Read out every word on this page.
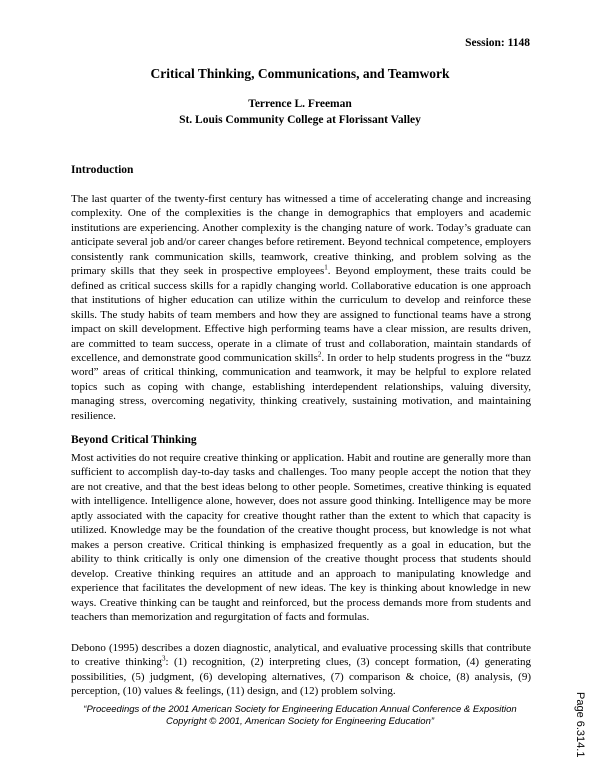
Session: 1148
Critical Thinking, Communications, and Teamwork
Terrence L. Freeman
St. Louis Community College at Florissant Valley
Introduction
The last quarter of the twenty-first century has witnessed a time of accelerating change and increasing complexity. One of the complexities is the change in demographics that employers and academic institutions are experiencing. Another complexity is the changing nature of work. Today’s graduate can anticipate several job and/or career changes before retirement. Beyond technical competence, employers consistently rank communication skills, teamwork, creative thinking, and problem solving as the primary skills that they seek in prospective employees$^1$. Beyond employment, these traits could be defined as critical success skills for a rapidly changing world. Collaborative education is one approach that institutions of higher education can utilize within the curriculum to develop and reinforce these skills. The study habits of team members and how they are assigned to functional teams have a strong impact on skill development. Effective high performing teams have a clear mission, are results driven, are committed to team success, operate in a climate of trust and collaboration, maintain standards of excellence, and demonstrate good communication skills$^2$. In order to help students progress in the “buzz word” areas of critical thinking, communication and teamwork, it may be helpful to explore related topics such as coping with change, establishing interdependent relationships, valuing diversity, managing stress, overcoming negativity, thinking creatively, sustaining motivation, and maintaining resilience.
Beyond Critical Thinking
Most activities do not require creative thinking or application. Habit and routine are generally more than sufficient to accomplish day-to-day tasks and challenges. Too many people accept the notion that they are not creative, and that the best ideas belong to other people. Sometimes, creative thinking is equated with intelligence. Intelligence alone, however, does not assure good thinking. Intelligence may be more aptly associated with the capacity for creative thought rather than the extent to which that capacity is utilized. Knowledge may be the foundation of the creative thought process, but knowledge is not what makes a person creative. Critical thinking is emphasized frequently as a goal in education, but the ability to think critically is only one dimension of the creative thought process that students should develop. Creative thinking requires an attitude and an approach to manipulating knowledge and experience that facilitates the development of new ideas. The key is thinking about knowledge in new ways. Creative thinking can be taught and reinforced, but the process demands more from students and teachers than memorization and regurgitation of facts and formulas.
Debono (1995) describes a dozen diagnostic, analytical, and evaluative processing skills that contribute to creative thinking$^3$: (1) recognition, (2) interpreting clues, (3) concept formation, (4) generating possibilities, (5) judgment, (6) developing alternatives, (7) comparison & choice, (8) analysis, (9) perception, (10) values & feelings, (11) design, and (12) problem solving.
“Proceedings of the 2001 American Society for Engineering Education Annual Conference & Exposition
Copyright © 2001, American Society for Engineering Education”	Page 6.314.1
